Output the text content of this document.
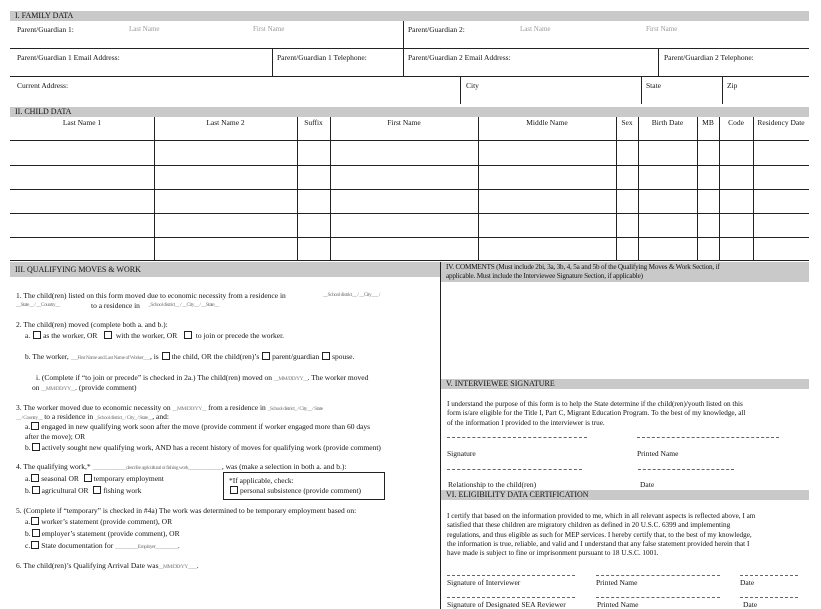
I. FAMILY DATA
Parent/Guardian 1:	Last Name	First Name	Parent/Guardian 2:	Last Name	First Name
Parent/Guardian 1 Email Address:	Parent/Guardian 1 Telephone:	Parent/Guardian 2 Email Address:	Parent/Guardian 2 Telephone:
Current Address:	City	State	Zip
II. CHILD DATA
Last Name 1	Last Name 2	Suffix	First Name	Middle Name	Sex	Birth Date	MB	Code	Residency Date
III. QUALIFYING MOVES & WORK
1. The child(ren) listed on this form moved due to economic necessity from a residence in	__School district__ / __City___ /
__State__ / __Country__	to a residence in _School district__ / __City__ / __State__
2. The child(ren) moved (complete both a. and b.):
a. as the worker, OR with the worker, OR to join or precede the worker.
b. The worker, ___First Name and Last Name of Worker___, is the child, OR the child(ren)’s parent/guardian spouse.
i. (Complete if “to join or precede” is checked in 2a.) The child(ren) moved on __MM/DD/YY__. The worker moved
on __MM/DD/YY__. (provide comment)
3. The worker moved due to economic necessity on __MM/DD/YY__ from a residence in _School district_ / City__ / State
__ / Country__ to a residence in _School district_ / City_ / State__, and:
a. engaged in new qualifying work soon after the move (provide comment if worker engaged more than 60 days
after the move); OR
b. actively sought new qualifying work, AND has a recent history of moves for qualifying work (provide comment)
4. The qualifying work,* _______________describe agricultural or fishing work_______________, was (make a selection in both a. and b.):
a. seasonal OR temporary employment
b. agricultural OR fishing work
*If applicable, check:
personal subsistence (provide comment)
5. (Complete if “temporary” is checked in #4a) The work was determined to be temporary employment based on:
a. worker’s statement (provide comment), OR
b. employer’s statement (provide comment), OR
c. State documentation for __________Employer__________.
6. The child(ren)’s Qualifying Arrival Date was__MM/DD/YY____.
IV. COMMENTS (Must include 2bi, 3a, 3b, 4, 5a and 5b of the Qualifying Moves & Work Section, if
applicable. Must include the Interviewee Signature Section, if applicable)
V. INTERVIEWEE SIGNATURE
I understand the purpose of this form is to help the State determine if the child(ren)/youth listed on this
form is/are eligible for the Title I, Part C, Migrant Education Program. To the best of my knowledge, all
of the information I provided to the interviewer is true.
Signature	Printed Name
Relationship to the child(ren)	Date
VI. ELIGIBILITY DATA CERTIFICATION
I certify that based on the information provided to me, which in all relevant aspects is reflected above, I am
satisfied that these children are migratory children as defined in 20 U.S.C. 6399 and implementing
regulations, and thus eligible as such for MEP services. I hereby certify that, to the best of my knowledge,
the information is true, reliable, and valid and I understand that any false statement provided herein that I
have made is subject to fine or imprisonment pursuant to 18 U.S.C. 1001.
Signature of Interviewer	Printed Name	Date
Signature of Designated SEA Reviewer	Printed Name	Date
